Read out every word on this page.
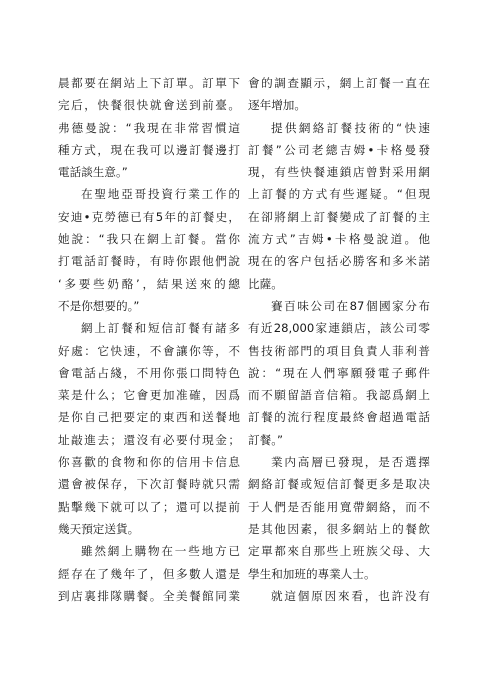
晨都要在網站上下訂單。訂單下
完后，快餐很快就會送到前臺。
弗德曼說：“我現在非常習慣這
種方式，現在我可以邊訂餐邊打
電話談生意。”
在聖地亞哥投資行業工作的
安迪•克勞德已有5年的訂餐史，
她說：“我只在網上訂餐。當你
打電話訂餐時，有時你跟他們說
‘多要些奶酪’，結果送來的總
不是你想要的。”
網上訂餐和短信訂餐有諸多
好處：它快速，不會讓你等，不
會電話占綫，不用你張口問特色
菜是什么；它會更加准確，因爲
是你自己把要定的東西和送餐地
址敲進去；還沒有必要付現金；
你喜歡的食物和你的信用卡信息
還會被保存，下次訂餐時就只需
點擊幾下就可以了；還可以提前
幾天預定送貨。
雖然網上購物在一些地方已
經存在了幾年了，但多數人還是
到店裏排隊購餐。全美餐館同業
會的調查顯示，網上訂餐一直在
逐年增加。
提供網絡訂餐技術的“快速
訂餐”公司老總吉姆•卡格曼發
現，有些快餐連鎖店曾對采用網
上訂餐的方式有些遲疑。“但現
在卻將網上訂餐變成了訂餐的主
流方式”吉姆•卡格曼說道。他
現在的客户包括必勝客和多米諾
比薩。
賽百味公司在87個國家分布
有近28,000家連鎖店，該公司零
售技術部門的項目負責人菲利普
說：“現在人們寧願發電子郵件
而不願留語音信箱。我認爲網上
訂餐的流行程度最終會超過電話
訂餐。”
業内高層已發現，是否選擇
網絡訂餐或短信訂餐更多是取决
于人們是否能用寬帶網絡，而不
是其他因素，很多網站上的餐飲
定單都來自那些上班族父母、大
學生和加班的專業人士。
就這個原因來看，也許没有
